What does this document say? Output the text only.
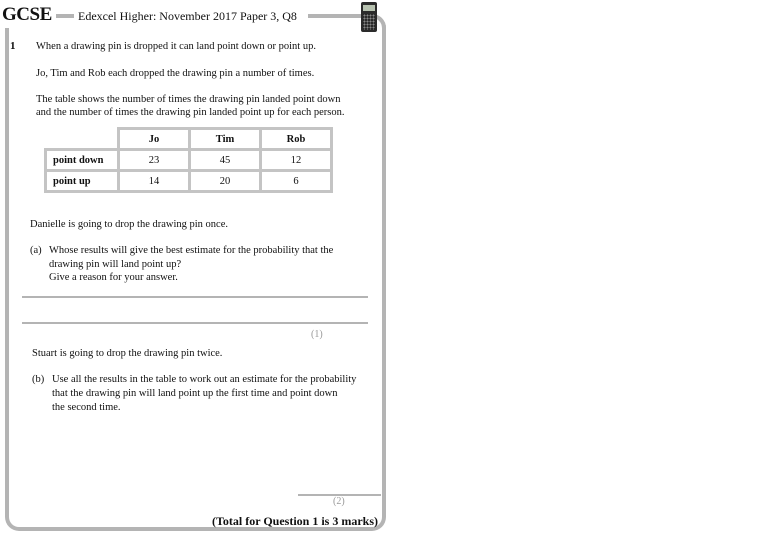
GCSE Edexcel Higher: November 2017 Paper 3, Q8
1 When a drawing pin is dropped it can land point down or point up.
Jo, Tim and Rob each dropped the drawing pin a number of times.
The table shows the number of times the drawing pin landed point down
and the number of times the drawing pin landed point up for each person.
	Jo	Tim	Rob
point down	23	45	12
point up	14	20	6
Danielle is going to drop the drawing pin once.
(a) Whose results will give the best estimate for the probability that the
drawing pin will land point up?
Give a reason for your answer.
(1)
Stuart is going to drop the drawing pin twice.
(b) Use all the results in the table to work out an estimate for the probability
that the drawing pin will land point up the first time and point down
the second time.
(2)
(Total for Question 1 is 3 marks)
